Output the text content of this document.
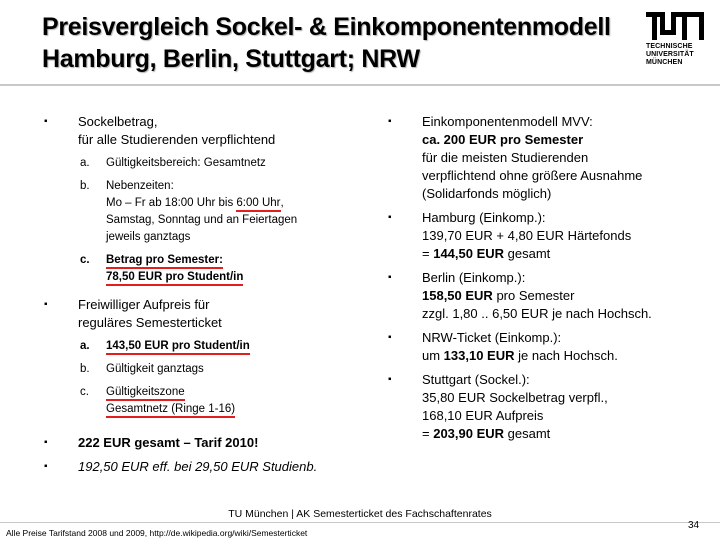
Preisvergleich Sockel- & Einkomponentenmodell
Hamburg, Berlin, Stuttgart; NRW	TECHNISCHE
UNIVERSITÄT
MÜNCHEN
▪ Sockelbetrag,
für alle Studierenden verpflichtend
a. Gültigkeitsbereich: Gesamtnetz
b. Nebenzeiten:
Mo – Fr ab 18:00 Uhr bis 6:00 Uhr,
Samstag, Sonntag und an Feiertagen
jeweils ganztags
c. Betrag pro Semester:
78,50 EUR pro Student/in
▪ Freiwilliger Aufpreis für
reguläres Semesterticket
a. 143,50 EUR pro Student/in
b. Gültigkeit ganztags
c. Gültigkeitszone
Gesamtnetz (Ringe 1-16)
▪ 222 EUR gesamt – Tarif 2010!
▪ 192,50 EUR eff. bei 29,50 EUR Studienb.
▪ Einkomponentenmodell MVV:
ca. 200 EUR pro Semester
für die meisten Studierenden
verpflichtend ohne größere Ausnahme
(Solidarfonds möglich)
▪ Hamburg (Einkomp.):
139,70 EUR + 4,80 EUR Härtefonds
= 144,50 EUR gesamt
▪ Berlin (Einkomp.):
158,50 EUR pro Semester
zzgl. 1,80 .. 6,50 EUR je nach Hochsch.
▪ NRW-Ticket (Einkomp.):
um 133,10 EUR je nach Hochsch.
▪ Stuttgart (Sockel.):
35,80 EUR Sockelbetrag verpfl.,
168,10 EUR Aufpreis
= 203,90 EUR gesamt
TU München | AK Semesterticket des Fachschaftenrates
34
Alle Preise Tarifstand 2008 und 2009, http://de.wikipedia.org/wiki/Semesterticket
